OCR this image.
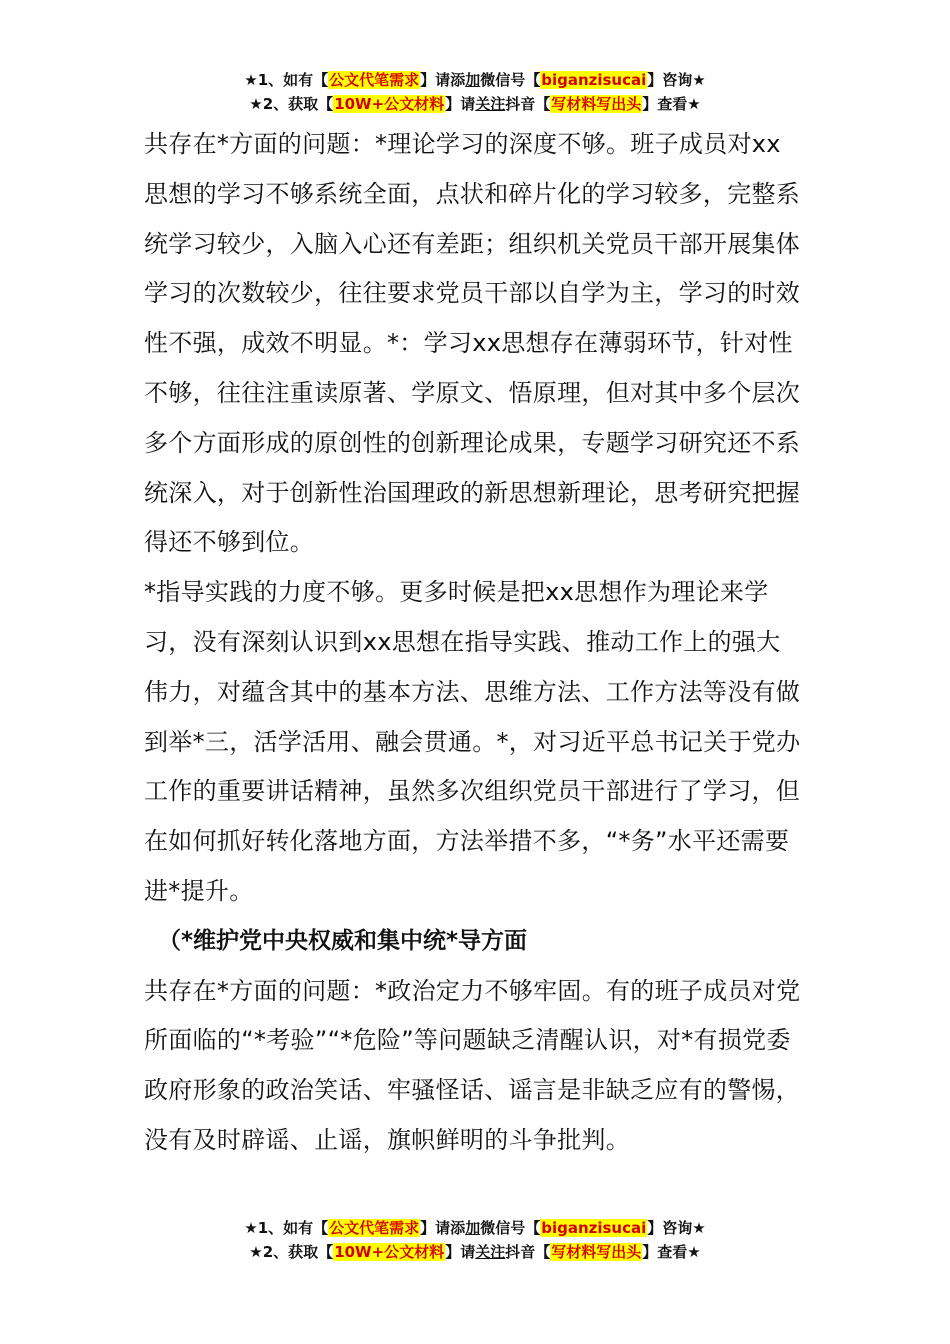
★1、如有【公文代笔需求】请添加微信号【biganzisucai】咨询★
★2、获取【10W+公文材料】请关注抖音【写材料写出头】查看★

共存在*方面的问题：*理论学习的深度不够。班子成员对xx思想的学习不够系统全面，点状和碎片化的学习较多，完整系统学习较少，入脑入心还有差距；组织机关党员干部开展集体学习的次数较少，往往要求党员干部以自学为主，学习的时效性不强，成效不明显。*：学习xx思想存在薄弱环节，针对性不够，往往注重读原著、学原文、悟原理，但对其中多个层次多个方面形成的原创性的创新理论成果，专题学习研究还不系统深入，对于创新性治国理政的新思想新理论，思考研究把握得还不够到位。

*指导实践的力度不够。更多时候是把xx思想作为理论来学习，没有深刻认识到xx思想在指导实践、推动工作上的强大伟力，对蕴含其中的基本方法、思维方法、工作方法等没有做到举*三，活学活用、融会贯通。*，对习近平总书记关于党办工作的重要讲话精神，虽然多次组织党员干部进行了学习，但在如何抓好转化落地方面，方法举措不多，“*务”水平还需要进*提升。

（*维护党中央权威和集中统*导方面

共存在*方面的问题：*政治定力不够牢固。有的班子成员对党所面临的“*考验”“*危险”等问题缺乏清醒认识，对*有损党委政府形象的政治笑话、牢骚怪话、谣言是非缺乏应有的警惕，没有及时辟谣、止谣，旗帜鲜明的斗争批判。

★1、如有【公文代笔需求】请添加微信号【biganzisucai】咨询★
★2、获取【10W+公文材料】请关注抖音【写材料写出头】查看★
